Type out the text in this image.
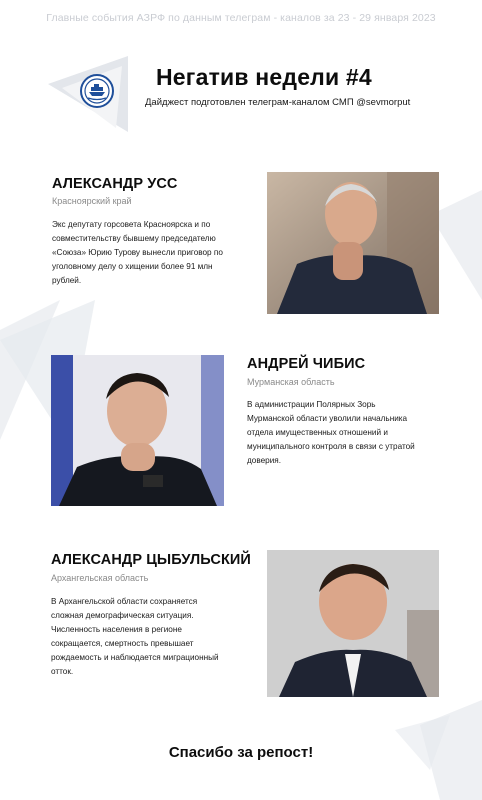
Главные события АЗРФ по данным телеграм - каналов за 23 - 29 января 2023
Негатив недели #4
Дайджест подготовлен телеграм-каналом СМП @sevmorput
АЛЕКСАНДР УСС
Красноярский край
Экс депутату горсовета Красноярска и по
совместительству бывшему председателю
«Союза» Юрию Турову вынесли приговор по
уголовному делу о хищении более 91 млн
рублей.
АНДРЕЙ ЧИБИС
Мурманская область
В администрации Полярных Зорь
Мурманской области уволили начальника
отдела имущественных отношений и
муниципального контроля в связи с утратой
доверия.
АЛЕКСАНДР ЦЫБУЛЬСКИЙ
Архангельская область
В Архангельской области сохраняется
сложная демографическая ситуация.
Численность населения в регионе
сокращается, смертность превышает
рождаемость и наблюдается миграционный
отток.
Спасибо за репост!
